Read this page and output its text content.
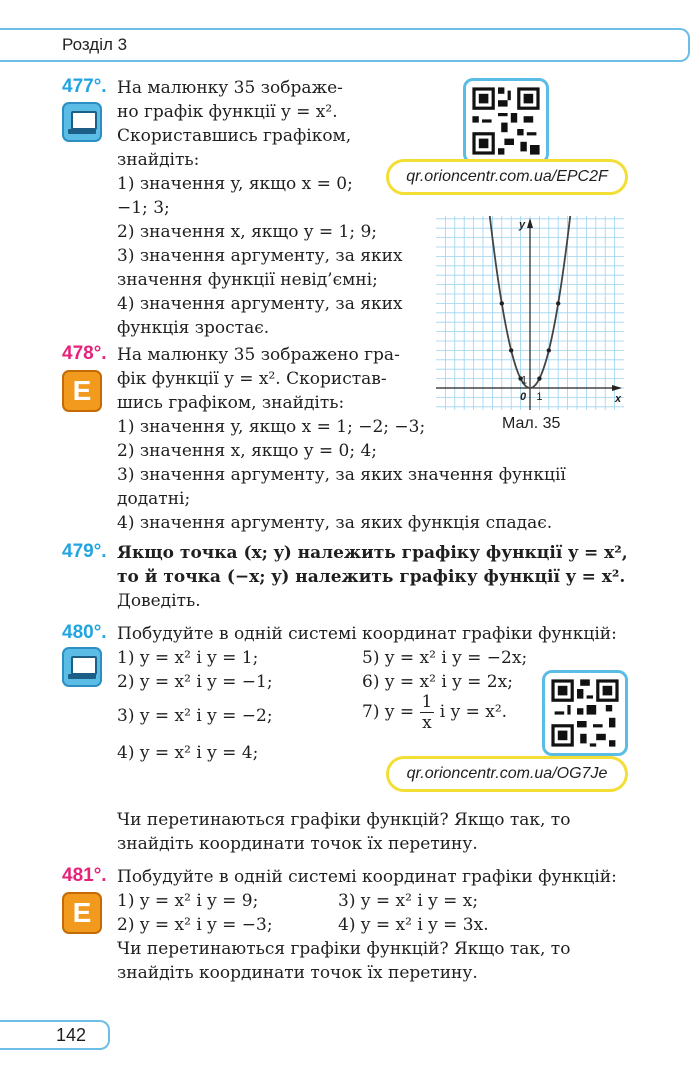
Розділ 3
477°. На малюнку 35 зображе-
но графік функції y = x².
Скориставшись графіком,
знайдіть:
1) значення y, якщо x = 0;
−1; 3;
2) значення x, якщо y = 1; 9;
3) значення аргументу, за яких
значення функції невід’ємні;
4) значення аргументу, за яких
функція зростає.
qr.orioncentr.com.ua/EPC2F
0 1
1
x
y
Мал. 35
478°.
E
На малюнку 35 зображено гра-
фік функції y = x². Скористав-
шись графіком, знайдіть:
1) значення y, якщо x = 1; −2; −3;
2) значення x, якщо y = 0; 4;
3) значення аргументу, за яких значення функції
додатні;
4) значення аргументу, за яких функція спадає.
479°. Якщо точка (x; y) належить графіку функції y = x²,
то й точка (−x; y) належить графіку функції y = x².
Доведіть.
480°. Побудуйте в одній системі координат графіки функцій:
1) y = x² і y = 1;
2) y = x² і y = −1;
3) y = x² і y = −2;
4) y = x² і y = 4;
5) y = x² і y = −2x;
6) y = x² і y = 2x;
7) $y = \frac{1}{x}$ і y = x².
qr.orioncentr.com.ua/OG7Je
Чи перетинаються графіки функцій? Якщо так, то
знайдіть координати точок їх перетину.
481°.
E
Побудуйте в одній системі координат графіки функцій:
1) y = x² і y = 9;	3) y = x² і y = x;
2) y = x² і y = −3;	4) y = x² і y = 3x.
Чи перетинаються графіки функцій? Якщо так, то
знайдіть координати точок їх перетину.
142
